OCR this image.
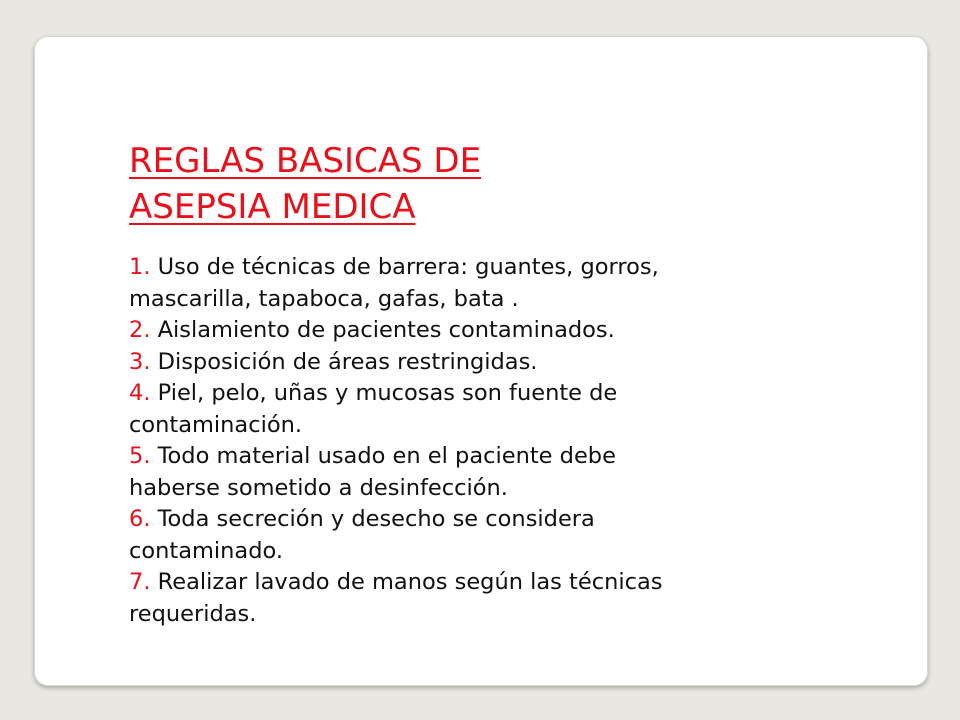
REGLAS BASICAS DE
ASEPSIA MEDICA
1. Uso de técnicas de barrera: guantes, gorros,
mascarilla, tapaboca, gafas, bata .
2. Aislamiento de pacientes contaminados.
3. Disposición de áreas restringidas.
4. Piel, pelo, uñas y mucosas son fuente de
contaminación.
5. Todo material usado en el paciente debe
haberse sometido a desinfección.
6. Toda secreción y desecho se considera
contaminado.
7. Realizar lavado de manos según las técnicas
requeridas.
